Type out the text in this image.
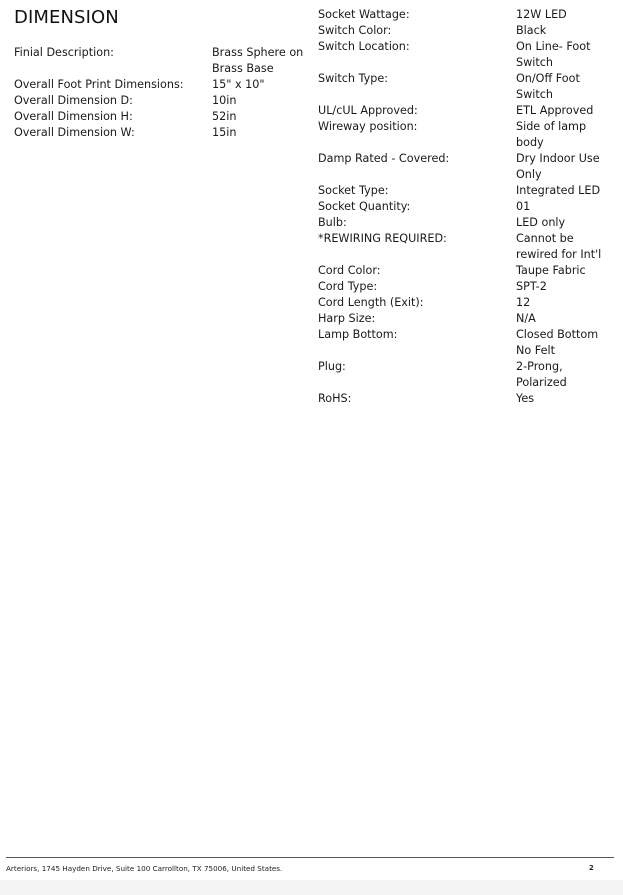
DIMENSION
Finial Description:	Brass Sphere on Brass Base
Overall Foot Print Dimensions:	15" x 10"
Overall Dimension D:	10in
Overall Dimension H:	52in
Overall Dimension W:	15in
Socket Wattage:	12W LED
Switch Color:	Black
Switch Location:	On Line- Foot Switch
Switch Type:	On/Off Foot Switch
UL/cUL Approved:	ETL Approved
Wireway position:	Side of lamp body
Damp Rated - Covered:	Dry Indoor Use Only
Socket Type:	Integrated LED
Socket Quantity:	01
Bulb:	LED only
*REWIRING REQUIRED:	Cannot be rewired for Int'l
Cord Color:	Taupe Fabric
Cord Type:	SPT-2
Cord Length (Exit):	12
Harp Size:	N/A
Lamp Bottom:	Closed Bottom No Felt
Plug:	2-Prong, Polarized
RoHS:	Yes
Arteriors, 1745 Hayden Drive, Suite 100 Carrollton, TX 75006, United States.	2
